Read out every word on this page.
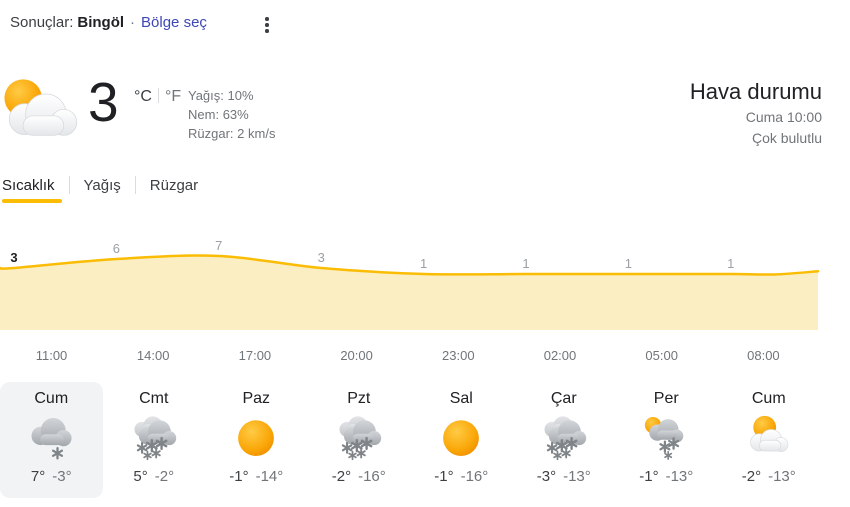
Sonuçlar: Bingöl · Bölge seç
3 °C °F Yağış: 10%
Nem: 63%
Rüzgar: 2 km/s
Hava durumu
Cuma 10:00
Çok bulutlu
Sıcaklık Yağış Rüzgar
3
6	7
3	1	1	1	1
11:00	14:00	17:00	20:00	23:00	02:00	05:00	08:00
Cum
7° -3°
Cmt
5° -2°
Paz
-1° -14°
Pzt
-2° -16°
Sal
-1° -16°
Çar
-3° -13°
Per
-1° -13°
Cum
-2° -13°
